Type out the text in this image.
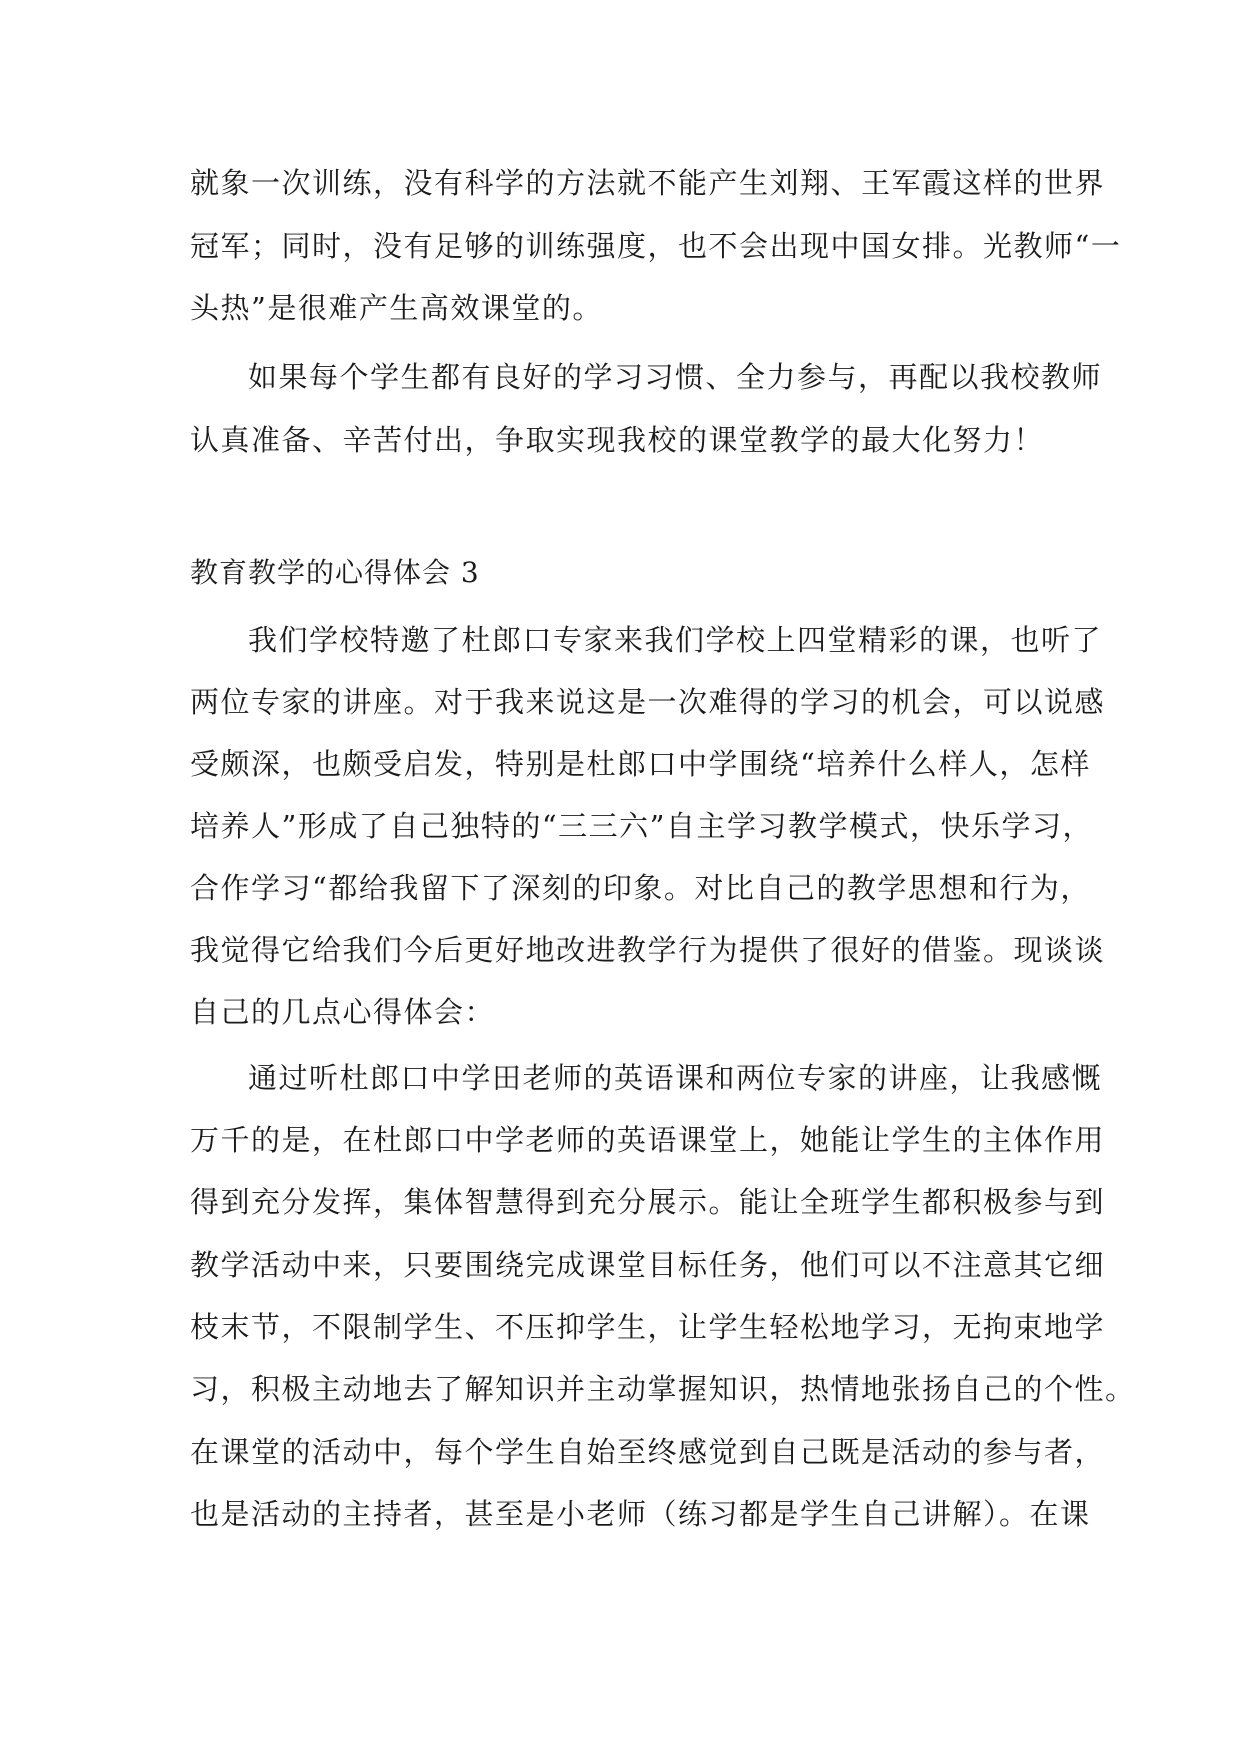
就象一次训练，没有科学的方法就不能产生刘翔、王军霞这样的世界
冠军；同时，没有足够的训练强度，也不会出现中国女排。光教师“一
头热”是很难产生高效课堂的。
如果每个学生都有良好的学习习惯、全力参与，再配以我校教师
认真准备、辛苦付出，争取实现我校的课堂教学的最大化努力！
教育教学的心得体会 3
我们学校特邀了杜郎口专家来我们学校上四堂精彩的课，也听了
两位专家的讲座。对于我来说这是一次难得的学习的机会，可以说感
受颇深，也颇受启发，特别是杜郎口中学围绕“培养什么样人，怎样
培养人”形成了自己独特的“三三六”自主学习教学模式，快乐学习，
合作学习“都给我留下了深刻的印象。对比自己的教学思想和行为，
我觉得它给我们今后更好地改进教学行为提供了很好的借鉴。现谈谈
自己的几点心得体会：
通过听杜郎口中学田老师的英语课和两位专家的讲座，让我感慨
万千的是，在杜郎口中学老师的英语课堂上，她能让学生的主体作用
得到充分发挥，集体智慧得到充分展示。能让全班学生都积极参与到
教学活动中来，只要围绕完成课堂目标任务，他们可以不注意其它细
枝末节，不限制学生、不压抑学生，让学生轻松地学习，无拘束地学
习，积极主动地去了解知识并主动掌握知识，热情地张扬自己的个性。
在课堂的活动中，每个学生自始至终感觉到自己既是活动的参与者，
也是活动的主持者，甚至是小老师（练习都是学生自己讲解）。在课
